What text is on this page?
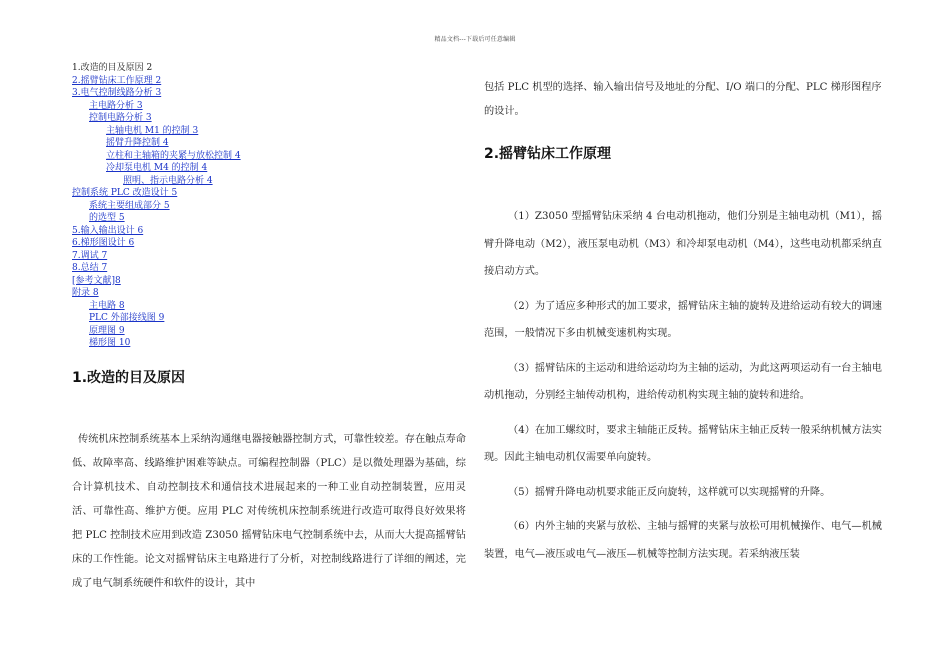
精品文档---下载后可任意编辑
1.改造的目及原因 2
2.摇臂钻床工作原理 2
3.电气控制线路分析 3
主电路分析 3
控制电路分析 3
主轴电机 M1 的控制 3
摇臂升降控制 4
立柱和主轴箱的夹紧与放松控制 4
冷却泵电机 M4 的控制 4
照明、指示电路分析 4
控制系统 PLC 改造设计 5
系统主要组成部分 5
的选型 5
5.输入输出设计 6
6.梯形图设计 6
7.调试 7
8.总结 7
[参考文献]8
附录 8
主电路 8
PLC 外部接线图 9
原理图 9
梯形图 10
1.改造的目及原因

传统机床控制系统基本上采纳沟通继电器接触器控制方式，可靠性较差。存在触点寿命低、故障率高、线路维护困难等缺点。可编程控制器（PLC）是以微处理器为基础，综合计算机技术、自动控制技术和通信技术进展起来的一种工业自动控制装置，应用灵活、可靠性高、维护方便。应用 PLC 对传统机床控制系统进行改造可取得良好效果将把 PLC 控制技术应用到改造 Z3050 摇臂钻床电气控制系统中去，从而大大提高摇臂钻床的工作性能。论文对摇臂钻床主电路进行了分析，对控制线路进行了详细的阐述，完成了电气制系统硬件和软件的设计，其中

包括 PLC 机型的选择、输入输出信号及地址的分配、I/O 端口的分配、PLC 梯形图程序的设计。

2.摇臂钻床工作原理

（1）Z3050 型摇臂钻床采纳 4 台电动机拖动，他们分别是主轴电动机（M1），摇臂升降电动（M2），液压泵电动机（M3）和冷却泵电动机（M4），这些电动机都采纳直接启动方式。

（2）为了适应多种形式的加工要求，摇臂钻床主轴的旋转及进给运动有较大的调速范围，一般情况下多由机械变速机构实现。

（3）摇臂钻床的主运动和进给运动均为主轴的运动，为此这两项运动有一台主轴电动机拖动，分别经主轴传动机构，进给传动机构实现主轴的旋转和进给。

（4）在加工螺纹时，要求主轴能正反转。摇臂钻床主轴正反转一般采纳机械方法实现。因此主轴电动机仅需要单向旋转。

（5）摇臂升降电动机要求能正反向旋转，这样就可以实现摇臂的升降。

（6）内外主轴的夹紧与放松、主轴与摇臂的夹紧与放松可用机械操作、电气—机械装置，电气—液压或电气—液压—机械等控制方法实现。若采纳液压装
